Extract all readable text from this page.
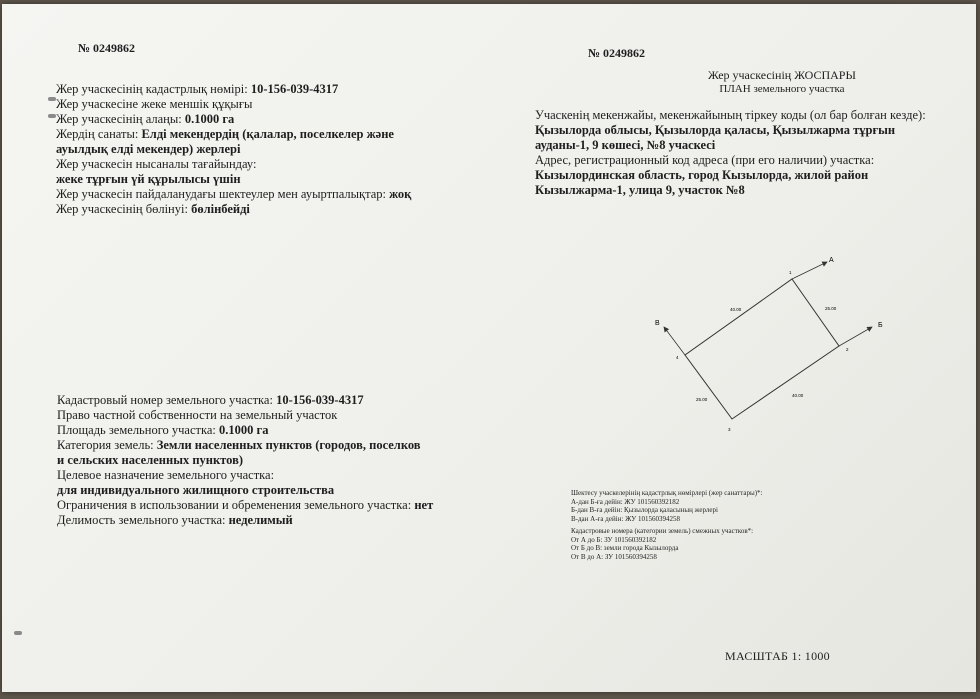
№ 0249862	№ 0249862
Жер учаскесінің кадастрлық нөмірі: 10-156-039-4317
Жер учаскесіне жеке меншік құқығы
Жер учаскесінің алаңы: 0.1000 га
Жердің санаты: Елді мекендердің (қалалар, поселкелер және
ауылдық елді мекендер) жерлері
Жер учаскесін нысаналы тағайындау:
жеке тұрғын үй құрылысы үшін
Жер учаскесін пайдаланудағы шектеулер мен ауыртпалықтар: жоқ
Жер учаскесінің бөлінуі: бөлінбейді
Кадастровый номер земельного участка: 10-156-039-4317
Право частной собственности на земельный участок
Площадь земельного участка: 0.1000 га
Категория земель: Земли населенных пунктов (городов, поселков
и сельских населенных пунктов)
Целевое назначение земельного участка:
для индивидуального жилищного строительства
Ограничения в использовании и обременения земельного участка: нет
Делимость земельного участка: неделимый
Жер учаскесінің ЖОСПАРЫ
ПЛАН земельного участка
Учаскенің мекенжайы, мекенжайының тіркеу коды (ол бар болған кезде):
Қызылорда облысы, Қызылорда қаласы, Қызылжарма тұрғын
ауданы-1, 9 көшесі, №8 учаскесі
Адрес, регистрационный код адреса (при его наличии) участка:
Кызылординская область, город Кызылорда, жилой район
Кызылжарма-1, улица 9, участок №8
А
Б
В
1
2
3
4
40.00	25.00
40.00
25.00
Шектесу учаскелерінің кадастрлық нөмірлері (жер санаттары)*:
А-дан Б-ға дейін: ЖУ 101560392182
Б-дан В-ға дейін: Қызылорда қаласының жерлері
В-дан А-ға дейін: ЖУ 101560394258
Кадастровые номера (категории земель) смежных участков*:
От А до Б: ЗУ 101560392182
От Б до В: земли города Кызылорда
От В до А: ЗУ 101560394258
МАСШТАБ 1: 1000
